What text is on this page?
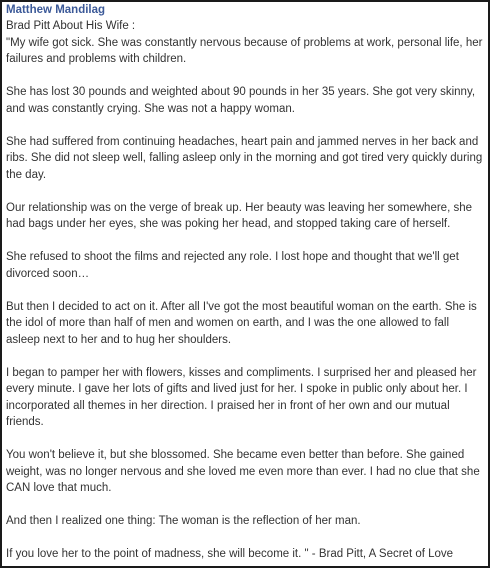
Matthew Mandilag
Brad Pitt About His Wife :
"My wife got sick. She was constantly nervous because of problems at work, personal life, her failures and problems with children.
She has lost 30 pounds and weighted about 90 pounds in her 35 years. She got very skinny, and was constantly crying. She was not a happy woman.
She had suffered from continuing headaches, heart pain and jammed nerves in her back and ribs. She did not sleep well, falling asleep only in the morning and got tired very quickly during the day.
Our relationship was on the verge of break up. Her beauty was leaving her somewhere, she had bags under her eyes, she was poking her head, and stopped taking care of herself.
She refused to shoot the films and rejected any role. I lost hope and thought that we'll get divorced soon…
But then I decided to act on it. After all I've got the most beautiful woman on the earth. She is the idol of more than half of men and women on earth, and I was the one allowed to fall asleep next to her and to hug her shoulders.
I began to pamper her with flowers, kisses and compliments. I surprised her and pleased her every minute. I gave her lots of gifts and lived just for her. I spoke in public only about her. I incorporated all themes in her direction. I praised her in front of her own and our mutual friends.
You won't believe it, but she blossomed. She became even better than before. She gained weight, was no longer nervous and she loved me even more than ever. I had no clue that she CAN love that much.
And then I realized one thing: The woman is the reflection of her man.
If you love her to the point of madness, she will become it. " - Brad Pitt, A Secret of Love
